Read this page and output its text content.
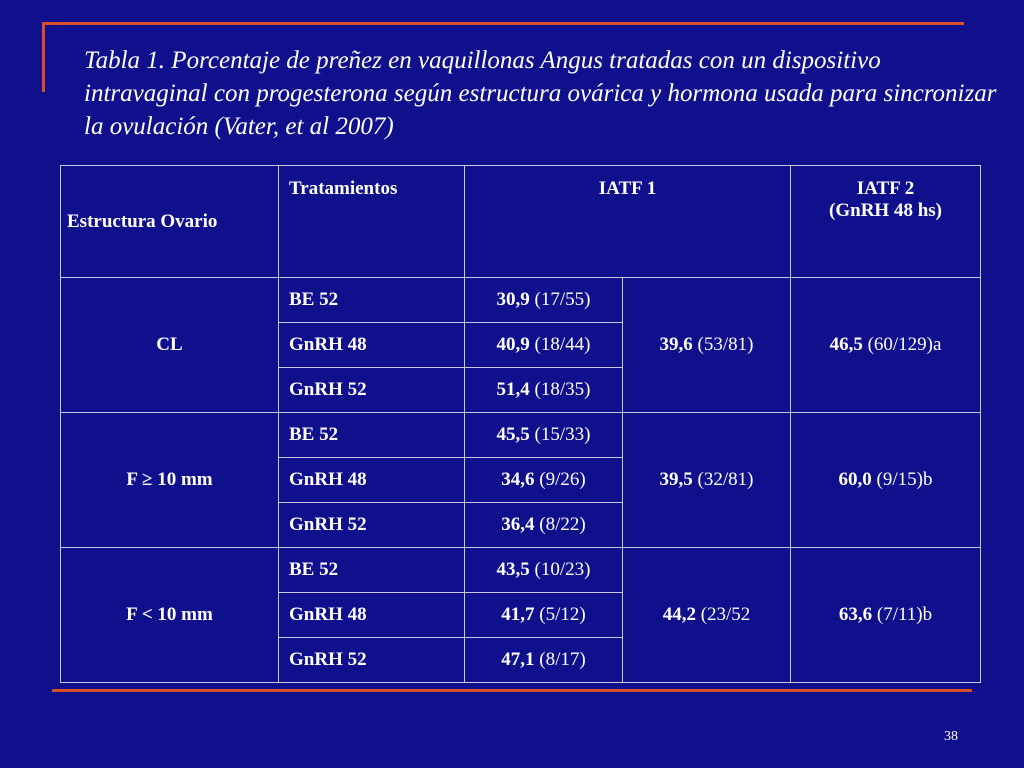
Tabla 1. Porcentaje de preñez en vaquillonas Angus tratadas con un dispositivo intravaginal con progesterona según estructura ovárica y hormona usada para sincronizar la ovulación (Vater, et al 2007)
Estructura Ovario	Tratamientos	IATF 1		IATF 2
(GnRH 48 hs)
CL	BE 52	30,9 (17/55)	39,6 (53/81)	46,5 (60/129)a
	GnRH 48	40,9 (18/44)		
	GnRH 52	51,4 (18/35)		
F ≥ 10 mm	BE 52	45,5 (15/33)	39,5 (32/81)	60,0 (9/15)b
	GnRH 48	34,6 (9/26)		
	GnRH 52	36,4 (8/22)		
F < 10 mm	BE 52	43,5 (10/23)	44,2 (23/52	63,6 (7/11)b
	GnRH 48	41,7 (5/12)		
	GnRH 52	47,1 (8/17)		
38
